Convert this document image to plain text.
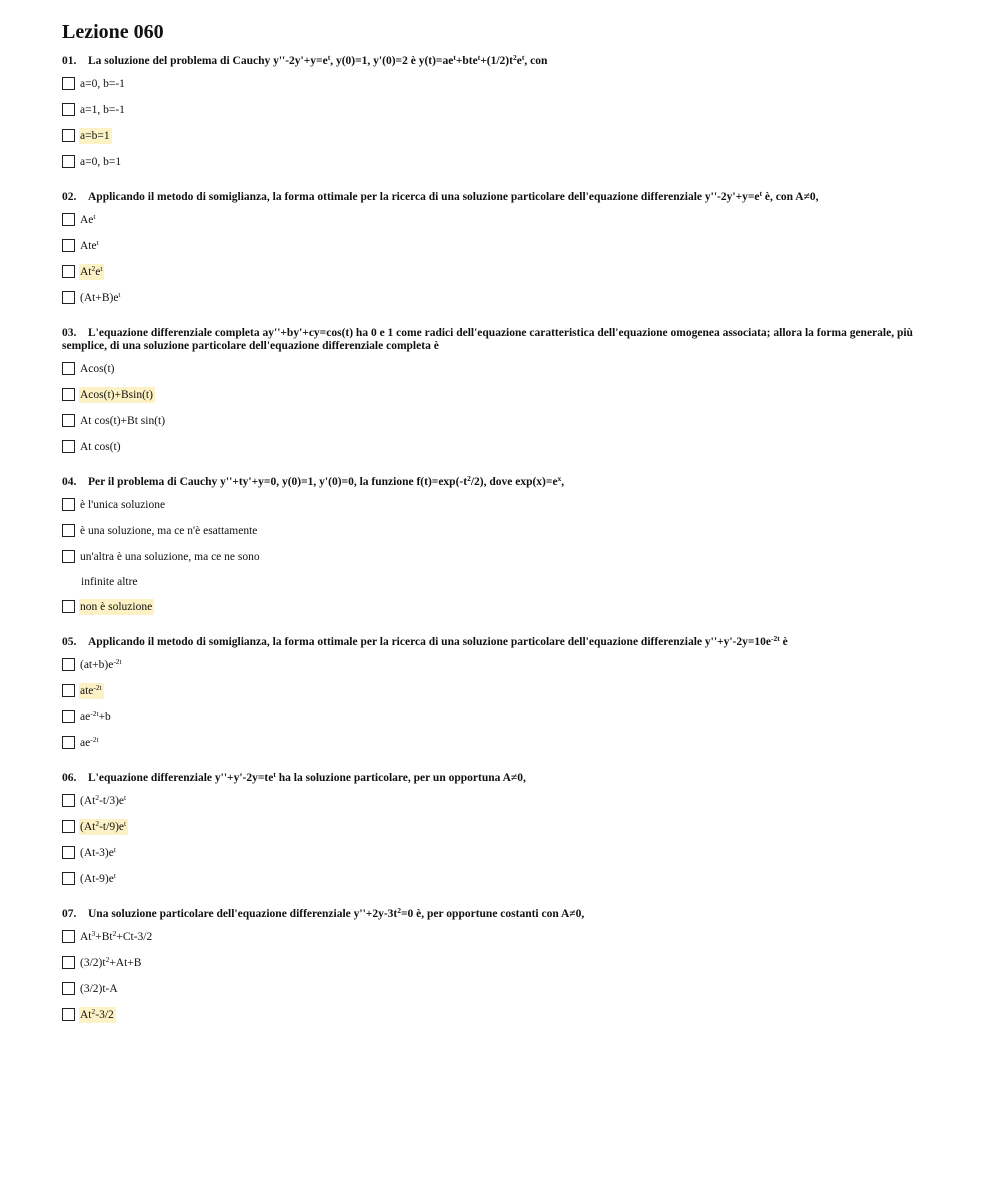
Lezione 060
01. La soluzione del problema di Cauchy $y''-2y'+y=e^t$, y(0)=1, y'(0)=2 è $y(t)=ae^t+bte^t+(1/2)t^2e^t$, con
a=0, b=-1
a=1, b=-1
a=b=1
a=0, b=1
02. Applicando il metodo di somiglianza, la forma ottimale per la ricerca di una soluzione particolare dell'equazione differenziale $y''-2y'+y=e^t$ è, con A≠0,
Ae$^t$
Ate$^t$
$At^2e^t$
$(At+B)e^t$
03. L'equazione differenziale completa ay''+by'+cy=cos(t) ha 0 e 1 come radici dell'equazione caratteristica dell'equazione omogenea associata; allora la forma generale, più semplice, di una soluzione particolare dell'equazione differenziale completa è
Acos(t)
Acos(t)+Bsin(t)
At cos(t)+Bt sin(t)
At cos(t)
04. Per il problema di Cauchy y''+ty'+y=0, y(0)=1, y'(0)=0, la funzione $f(t)=\exp(-t^2/2)$, dove $\exp(x)=e^x$,
è l'unica soluzione
è una soluzione, ma ce n'è esattamente
un'altra è una soluzione, ma ce ne sono
infinite altre
non è soluzione
05. Applicando il metodo di somiglianza, la forma ottimale per la ricerca di una soluzione particolare dell'equazione differenziale $y''+y'-2y=10e^{-2t}$ è
$(at+b)e^{-2t}$
ate$^{-2t}$
$ae^{-2t}+b$
$ae^{-2t}$
06. L'equazione differenziale $y''+y'-2y=te^t$ ha la soluzione particolare, per un opportuna A≠0,
$(At^2-t/3)e^t$
$(At^2-t/9)e^t$
$(At-3)e^t$
$(At-9)e^t$
07. Una soluzione particolare dell'equazione differenziale $y''+2y-3t^2=0$ è, per opportune costanti con A≠0,
$At^3+Bt^2+Ct-3/2$
$(3/2)t^2+At+B$
(3/2)t-A
At$^2$-3/2
